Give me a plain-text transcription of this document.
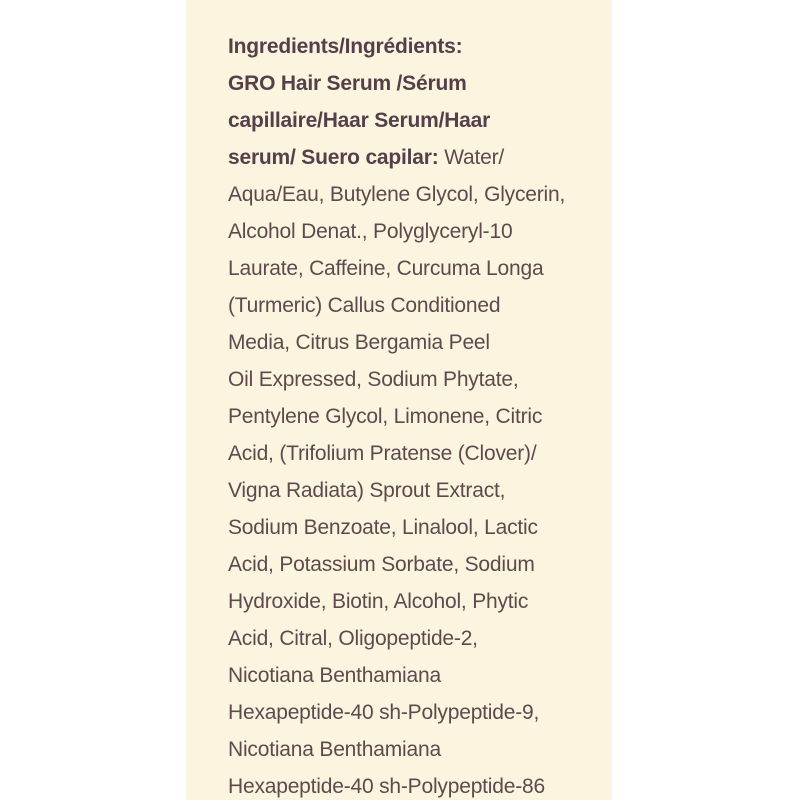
Ingredients/Ingrédients:
GRO Hair Serum /Sérum
capillaire/Haar Serum/Haar
serum/ Suero capilar: Water/
Aqua/Eau, Butylene Glycol, Glycerin,
Alcohol Denat., Polyglyceryl-10
Laurate, Caffeine, Curcuma Longa
(Turmeric) Callus Conditioned
Media, Citrus Bergamia Peel
Oil Expressed, Sodium Phytate,
Pentylene Glycol, Limonene, Citric
Acid, (Trifolium Pratense (Clover)/
Vigna Radiata) Sprout Extract,
Sodium Benzoate, Linalool, Lactic
Acid, Potassium Sorbate, Sodium
Hydroxide, Biotin, Alcohol, Phytic
Acid, Citral, Oligopeptide-2,
Nicotiana Benthamiana
Hexapeptide-40 sh-Polypeptide-9,
Nicotiana Benthamiana
Hexapeptide-40 sh-Polypeptide-86
